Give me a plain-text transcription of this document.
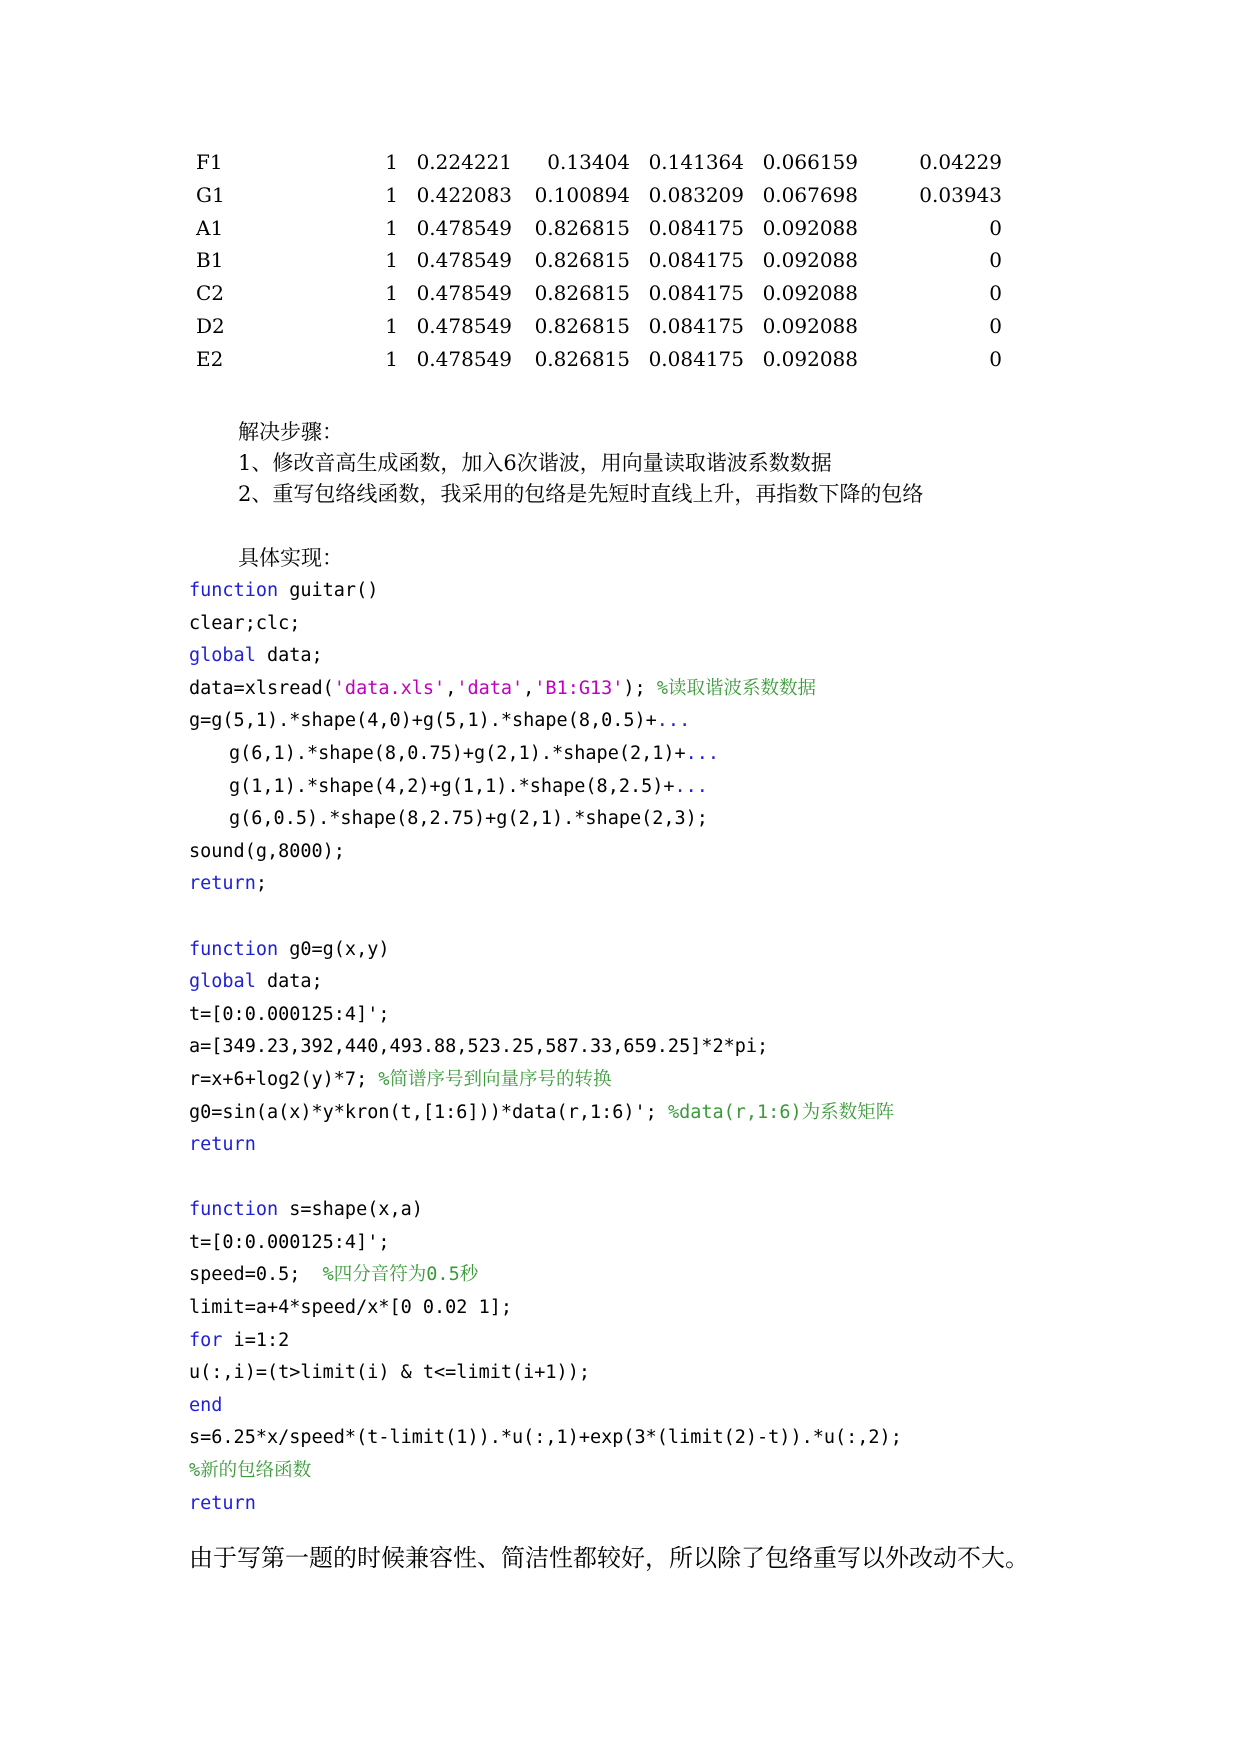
F1	1 0.224221	0.13404 0.141364 0.066159	0.04229
G1	1 0.422083	0.100894 0.083209 0.067698	0.03943
A1	1 0.478549	0.826815 0.084175 0.092088	0
B1	1 0.478549	0.826815 0.084175 0.092088	0
C2	1 0.478549	0.826815 0.084175 0.092088	0
D2	1 0.478549	0.826815 0.084175 0.092088	0
E2	1 0.478549	0.826815 0.084175 0.092088	0
解决步骤：
1、修改音高生成函数，加入6次谐波，用向量读取谐波系数数据
2、重写包络线函数，我采用的包络是先短时直线上升，再指数下降的包络
具体实现：
function guitar()
clear;clc;
global data;
data=xlsread('data.xls','data','B1:G13'); %读取谐波系数数据
g=g(5,1).*shape(4,0)+g(5,1).*shape(8,0.5)+...
g(6,1).*shape(8,0.75)+g(2,1).*shape(2,1)+...
g(1,1).*shape(4,2)+g(1,1).*shape(8,2.5)+...
g(6,0.5).*shape(8,2.75)+g(2,1).*shape(2,3);
sound(g,8000);
return;
function g0=g(x,y)
global data;
t=[0:0.000125:4]';
a=[349.23,392,440,493.88,523.25,587.33,659.25]*2*pi;
r=x+6+log2(y)*7; %简谱序号到向量序号的转换
g0=sin(a(x)*y*kron(t,[1:6]))*data(r,1:6)'; %data(r,1:6)为系数矩阵
return
function s=shape(x,a)
t=[0:0.000125:4]';
speed=0.5;  %四分音符为0.5秒
limit=a+4*speed/x*[0 0.02 1];
for i=1:2
u(:,i)=(t>limit(i) & t<=limit(i+1));
end
s=6.25*x/speed*(t-limit(1)).*u(:,1)+exp(3*(limit(2)-t)).*u(:,2);
%新的包络函数
return
由于写第一题的时候兼容性、简洁性都较好，所以除了包络重写以外改动不大。
